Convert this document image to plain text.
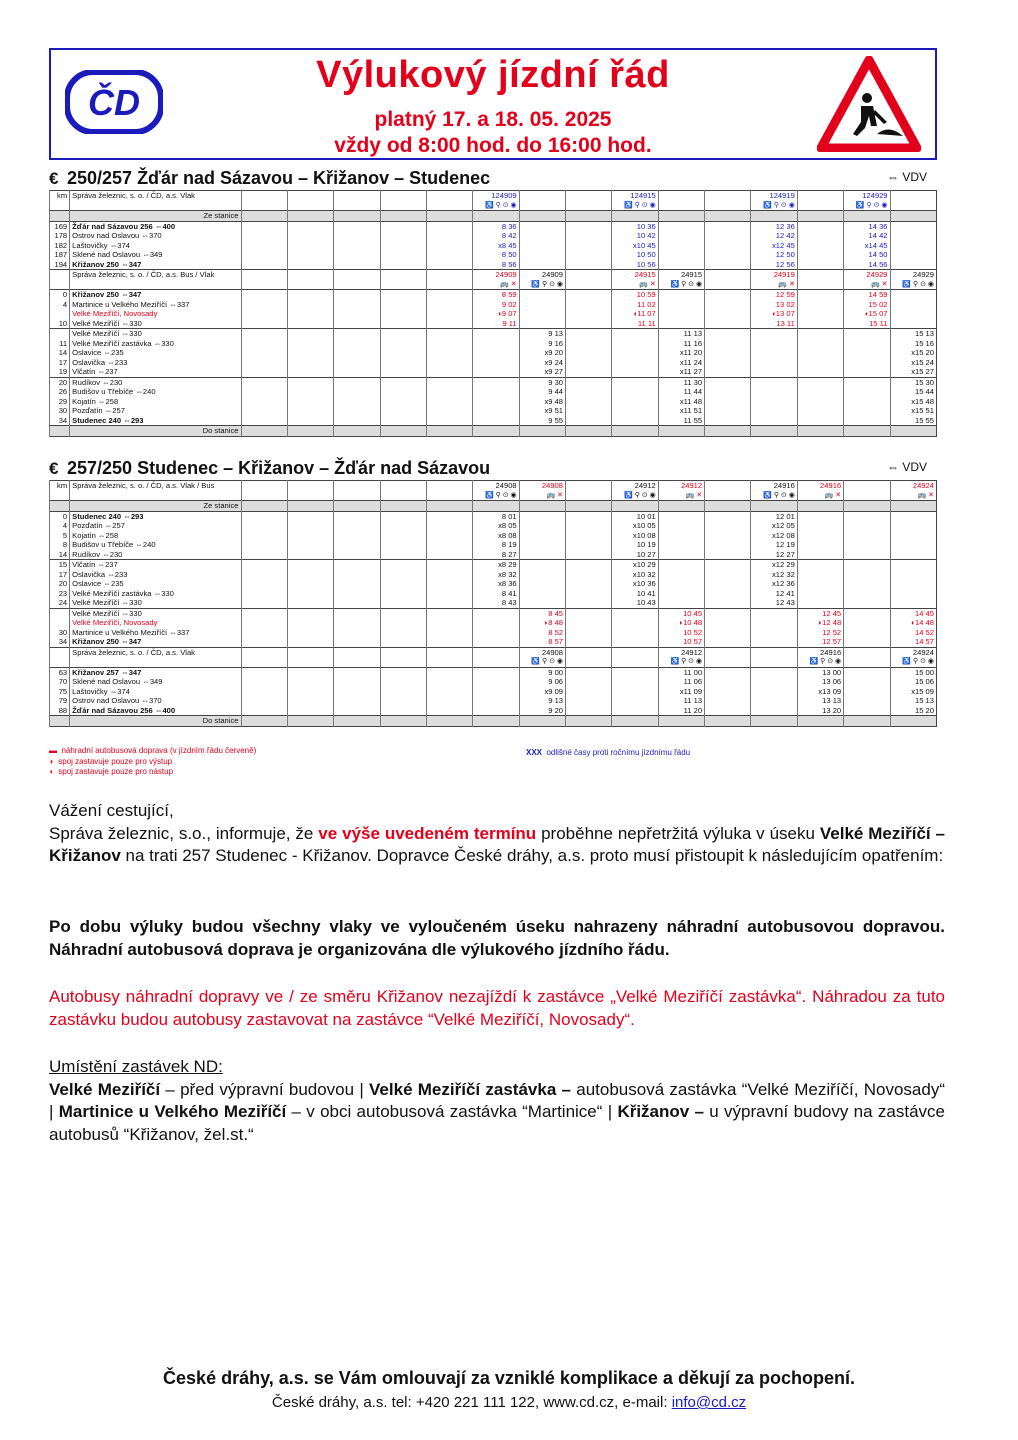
ČD
Výlukový jízdní řád
platný 17. a 18. 05. 2025
vždy od 8:00 hod. do 16:00 hod.
€ 250/257 Žďár nad Sázavou – Křižanov – Studenec	⇔ VDV
km	Správa železnic, s. o. / ČD, a.s. Vlak						124909			124915			124919		124929	
							♿ ⚲ ⊙ ◉			♿ ⚲ ⊙ ◉			♿ ⚲ ⊙ ◉		♿ ⚲ ⊙ ◉	
	Ze stanice															
169	Žďár nad Sázavou 256 ⇔400						8 36			10 36			12 36		14 36	
178	Ostrov nad Oslavou ⇔370						8 42			10 42			12 42		14 42	
182	Laštovičky ⇔374						x8 45			x10 45			x12 45		x14 45	
187	Sklené nad Oslavou ⇔349						8 50			10 50			12 50		14 50	
194	Křižanov 250 ⇔347						8 56			10 56			12 56		14 56	
	Správa železnic, s. o. / ČD, a.s. Bus / Vlak						24909	24909		24915	24915		24919		24929	24929
							🚌 ✕	♿ ⚲ ⊙ ◉		🚌 ✕	♿ ⚲ ⊙ ◉		🚌 ✕		🚌 ✕	♿ ⚲ ⊙ ◉
0	Křižanov 250 ⇔347						8 59			10 59			12 59		14 59	
4	Martinice u Velkého Meziříčí ⇔337						9 02			11 02			13 02		15 02	
	Velké Meziříčí, Novosady						◖9 07			◖11 07			◖13 07		◖15 07	
10	Velké Meziříčí ⇔330						9 11			11 11			13 11		15 11	
	Velké Meziříčí ⇔330							9 13			11 13					15 13
11	Velké Meziříčí zastávka ⇔330							9 16			11 16					15 16
14	Oslavice ⇔235							x9 20			x11 20					x15 20
17	Oslavička ⇔233							x9 24			x11 24					x15 24
19	Vlčatín ⇔237							x9 27			x11 27					x15 27
20	Rudíkov ⇔230							9 30			11 30					15 30
26	Budišov u Třebíče ⇔240							9 44			11 44					15 44
29	Kojatín ⇔258							x9 48			x11 48					x15 48
30	Pozďatín ⇔257							x9 51			x11 51					x15 51
34	Studenec 240 ⇔293							9 55			11 55					15 55
	Do stanice															
€ 257/250 Studenec – Křižanov – Žďár nad Sázavou	⇔ VDV
km	Správa železnic, s. o. / ČD, a.s. Vlak / Bus						24908	24908		24912	24912		24916	24916		24924
							♿ ⚲ ⊙ ◉	🚌 ✕		♿ ⚲ ⊙ ◉	🚌 ✕		♿ ⚲ ⊙ ◉	🚌 ✕		🚌 ✕
	Ze stanice															
0	Studenec 240 ⇔293						8 01			10 01			12 01			
4	Pozďatín ⇔257						x8 05			x10 05			x12 05			
5	Kojatín ⇔258						x8 08			x10 08			x12 08			
8	Budišov u Třebíče ⇔240						8 19			10 19			12 19			
14	Rudíkov ⇔230						8 27			10 27			12 27			
15	Vlčatín ⇔237						x8 29			x10 29			x12 29			
17	Oslavička ⇔233						x8 32			x10 32			x12 32			
20	Oslavice ⇔235						x8 36			x10 36			x12 36			
23	Velké Meziříčí zastávka ⇔330						8 41			10 41			12 41			
24	Velké Meziříčí ⇔330						8 43			10 43			12 43			
	Velké Meziříčí ⇔330							8 45			10 45			12 45		14 45
	Velké Meziříčí, Novosady							◗8 48			◗10 48			◗12 48		◗14 48
30	Martinice u Velkého Meziříčí ⇔337							8 52			10 52			12 52		14 52
34	Křižanov 250 ⇔347							8 57			10 57			12 57		14 57
	Správa železnic, s. o. / ČD, a.s. Vlak							24908			24912			24916		24924
								♿ ⚲ ⊙ ◉			♿ ⚲ ⊙ ◉			♿ ⚲ ⊙ ◉		♿ ⚲ ⊙ ◉
63	Křižanov 257 ⇔347							9 00			11 00			13 00		15 00
70	Sklené nad Oslavou ⇔349							9 06			11 06			13 06		15 06
75	Laštovičky ⇔374							x9 09			x11 09			x13 09		x15 09
79	Ostrov nad Oslavou ⇔370							9 13			11 13			13 13		15 13
88	Žďár nad Sázavou 256 ⇔400							9 20			11 20			13 20		15 20
	Do stanice															
▬ náhradní autobusová doprava (v jízdním řádu červeně)
◖  spoj zastavuje pouze pro výstup
◗  spoj zastavuje pouze pro nástup
XXX odlišné časy proti ročnímu jízdnímu řádu
Vážení cestující,
Správa železnic, s.o., informuje, že ve výše uvedeném termínu proběhne nepřetržitá výluka v úseku Velké Meziříčí – Křižanov na trati 257 Studenec - Křižanov. Dopravce České dráhy, a.s. proto musí přistoupit k následujícím opatřením:
Po dobu výluky budou všechny vlaky ve vyloučeném úseku nahrazeny náhradní autobusovou dopravou. Náhradní autobusová doprava je organizována dle výlukového jízdního řádu.
Autobusy náhradní dopravy ve / ze směru Křižanov nezajíždí k zastávce „Velké Meziříčí zastávka“. Náhradou za tuto zastávku budou autobusy zastavovat na zastávce “Velké Meziříčí, Novosady“.
Umístění zastávek ND:
Velké Meziříčí – před výpravní budovou | Velké Meziříčí zastávka – autobusová zastávka “Velké Meziříčí, Novosady“ | Martinice u Velkého Meziříčí – v obci autobusová zastávka “Martinice“ | Křižanov – u výpravní budovy na zastávce autobusů “Křižanov, žel.st.“
České dráhy, a.s. se Vám omlouvají za vzniklé komplikace a děkují za pochopení.
České dráhy, a.s. tel: +420 221 111 122, www.cd.cz, e-mail: info@cd.cz
